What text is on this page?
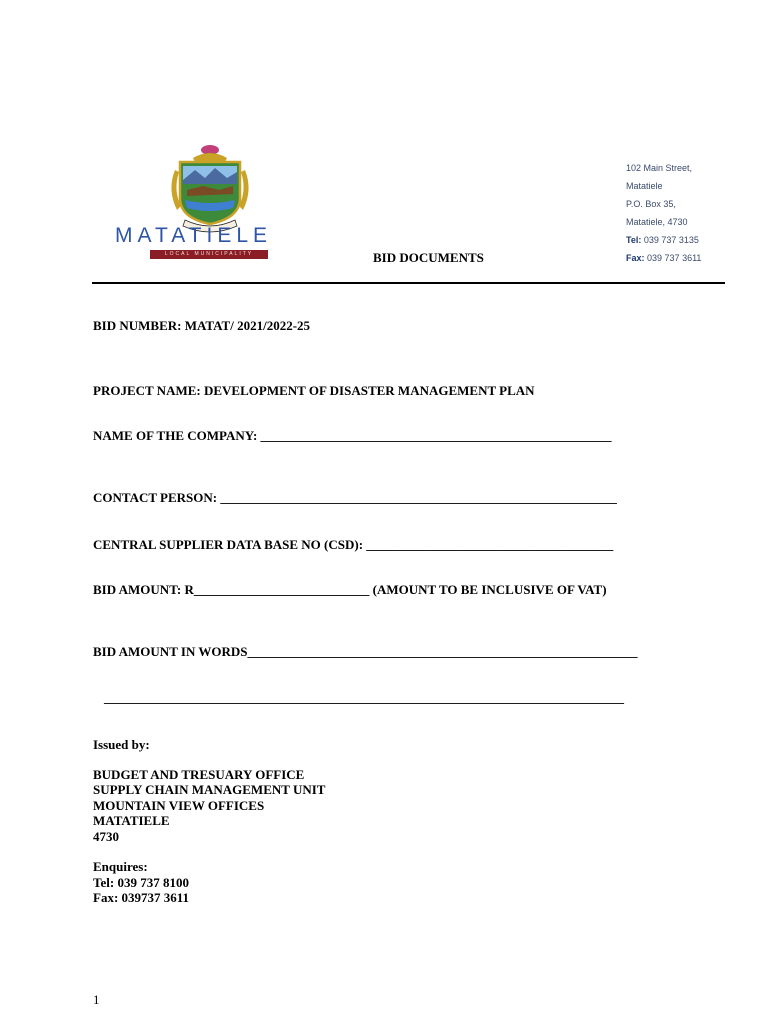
MATATIELE
LOCAL MUNICIPALITY
102 Main Street,
Matatiele
P.O. Box 35,
Matatiele, 4730
Tel: 039 737 3135
Fax: 039 737 3611
BID DOCUMENTS
BID NUMBER: MATAT/ 2021/2022-25
PROJECT NAME: DEVELOPMENT OF DISASTER MANAGEMENT PLAN
NAME OF THE COMPANY: ______________________________________________________
CONTACT PERSON: _____________________________________________________________
CENTRAL SUPPLIER DATA BASE NO (CSD): ______________________________________
BID AMOUNT: R___________________________ (AMOUNT TO BE INCLUSIVE OF VAT)
BID AMOUNT IN WORDS____________________________________________________________
________________________________________________________________________________
Issued by:
BUDGET AND TRESUARY OFFICE
SUPPLY CHAIN MANAGEMENT UNIT
MOUNTAIN VIEW OFFICES
MATATIELE
4730
Enquires:
Tel: 039 737 8100
Fax: 039737 3611
1
